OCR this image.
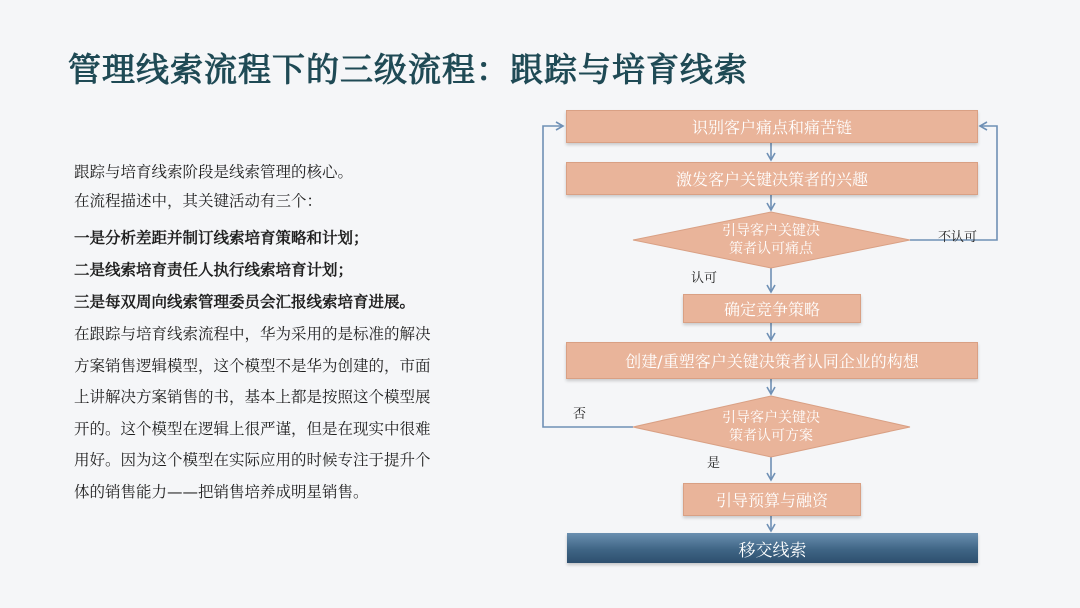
管理线索流程下的三级流程：跟踪与培育线索
跟踪与培育线索阶段是线索管理的核心。
在流程描述中，其关键活动有三个：
一是分析差距并制订线索培育策略和计划；
二是线索培育责任人执行线索培育计划；
三是每双周向线索管理委员会汇报线索培育进展。
在跟踪与培育线索流程中，华为采用的是标准的解决
方案销售逻辑模型，这个模型不是华为创建的，市面
上讲解决方案销售的书，基本上都是按照这个模型展
开的。这个模型在逻辑上很严谨，但是在现实中很难
用好。因为这个模型在实际应用的时候专注于提升个
体的销售能力——把销售培养成明星销售。
识别客户痛点和痛苦链
激发客户关键决策者的兴趣
引导客户关键决
策者认可痛点
认可
不认可
确定竞争策略
创建/重塑客户关键决策者认同企业的构想
引导客户关键决
策者认可方案
是
否
引导预算与融资
移交线索
